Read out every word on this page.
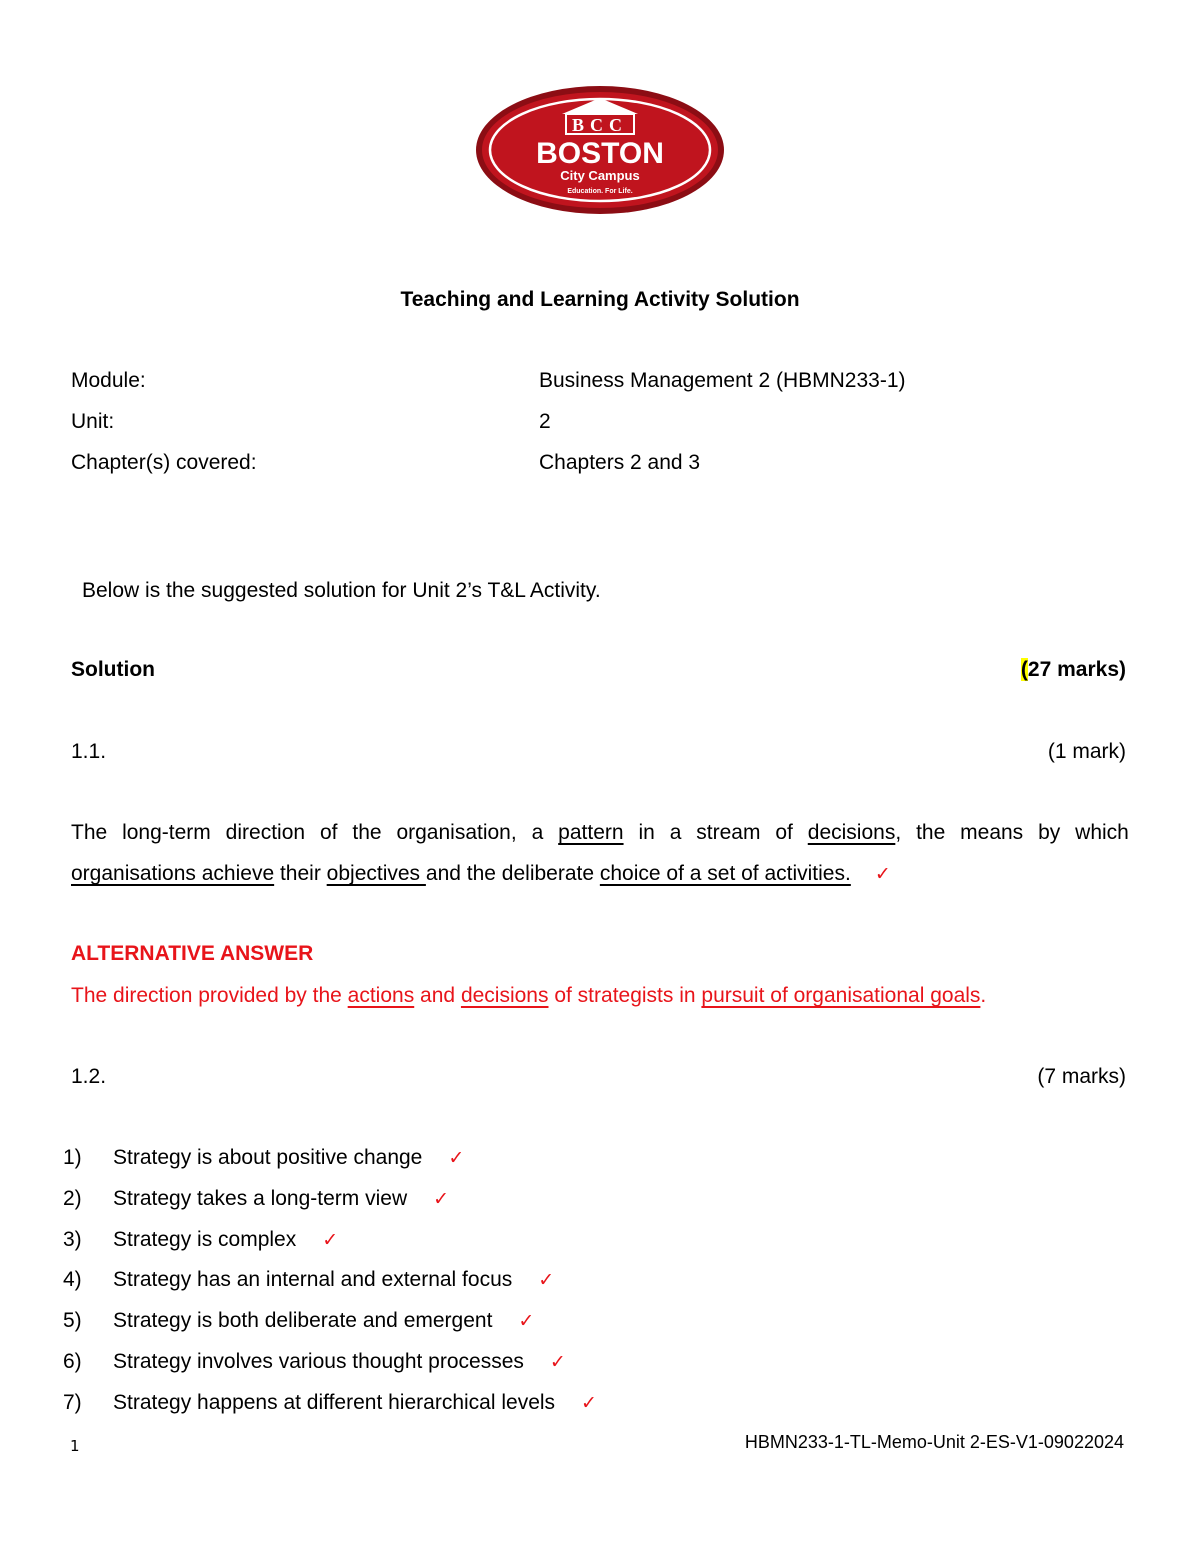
BCC
BOSTON
City Campus
Education. For Life.
Teaching and Learning Activity Solution
Module:	Business Management 2 (HBMN233-1)
Unit:	2
Chapter(s) covered:	Chapters 2 and 3
Below is the suggested solution for Unit 2’s T&L Activity.
Solution	(27 marks)
1.1.	(1 mark)
The long-term direction of the organisation, a pattern in a stream of decisions, the means by which
organisations achieve their objectives and the deliberate choice of a set of activities. ✓
ALTERNATIVE ANSWER
The direction provided by the actions and decisions of strategists in pursuit of organisational goals.
1.2.	(7 marks)
1) Strategy is about positive change ✓
2) Strategy takes a long-term view ✓
3) Strategy is complex ✓
4) Strategy has an internal and external focus ✓
5) Strategy is both deliberate and emergent ✓
6) Strategy involves various thought processes ✓
7) Strategy happens at different hierarchical levels ✓
1	HBMN233-1-TL-Memo-Unit 2-ES-V1-09022024
